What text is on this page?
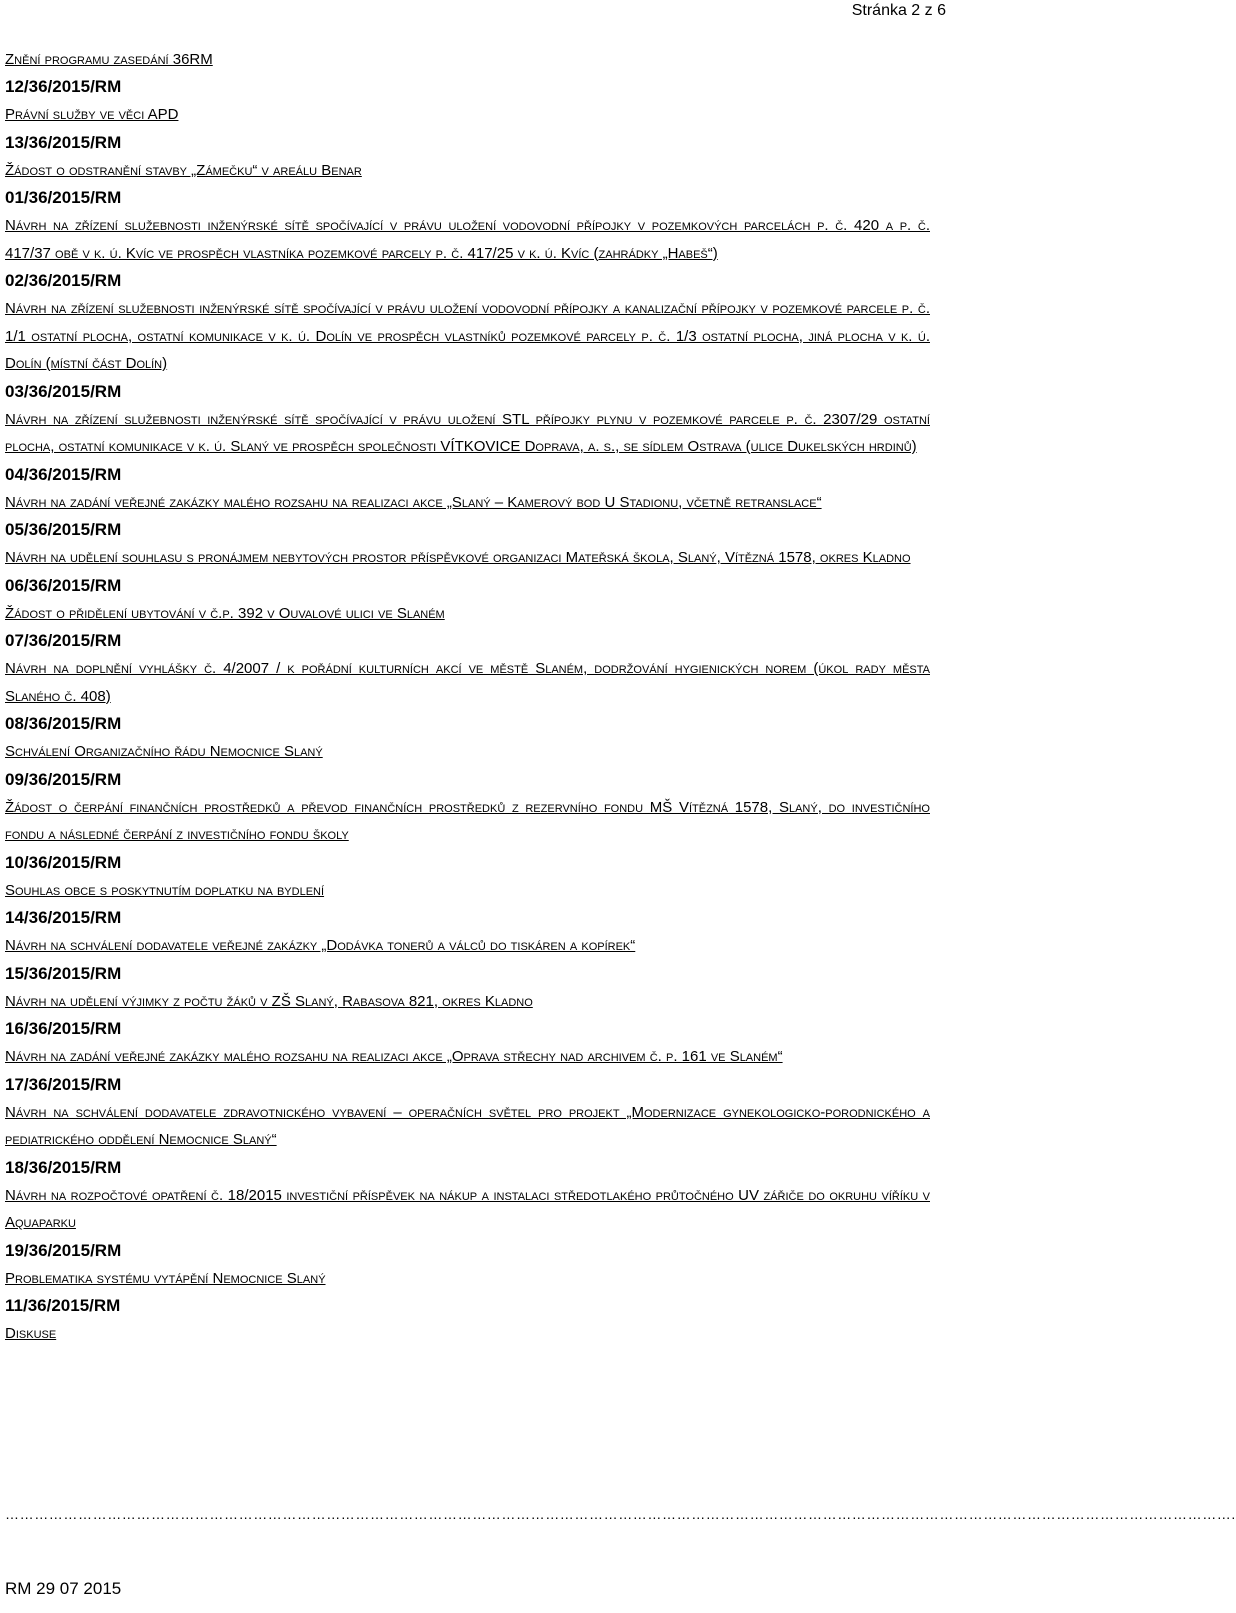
Stránka 2 z 6

Znění programu zasedání 36RM

12/36/2015/RM

Právní služby ve věci APD

13/36/2015/RM

Žádost o odstranění stavby „Zámečku“ v areálu Benar

01/36/2015/RM

Návrh na zřízení služebnosti inženýrské sítě spočívající v právu uložení vodovodní přípojky v pozemkových parcelách p. č. 420 a p. č. 417/37 obě v k. ú. Kvíc ve prospěch vlastníka pozemkové parcely p. č. 417/25 v k. ú. Kvíc (zahrádky „Habeš“)

02/36/2015/RM

Návrh na zřízení služebnosti inženýrské sítě spočívající v právu uložení vodovodní přípojky a kanalizační přípojky v pozemkové parcele p. č. 1/1 ostatní plocha, ostatní komunikace v k. ú. Dolín ve prospěch vlastníků pozemkové parcely p. č. 1/3 ostatní plocha, jiná plocha v k. ú. Dolín (místní část Dolín)

03/36/2015/RM

Návrh na zřízení služebnosti inženýrské sítě spočívající v právu uložení STL přípojky plynu v pozemkové parcele p. č. 2307/29 ostatní plocha, ostatní komunikace v k. ú. Slaný ve prospěch společnosti VÍTKOVICE Doprava, a. s., se sídlem Ostrava (ulice Dukelských hrdinů)

04/36/2015/RM

Návrh na zadání veřejné zakázky malého rozsahu na realizaci akce „Slaný – Kamerový bod U Stadionu, včetně retranslace“

05/36/2015/RM

Návrh na udělení souhlasu s pronájmem nebytových prostor příspěvkové organizaci Mateřská škola, Slaný, Vítězná 1578, okres Kladno

06/36/2015/RM

Žádost o přidělení ubytování v č.p. 392 v Ouvalové ulici ve Slaném

07/36/2015/RM

Návrh na doplnění vyhlášky č. 4/2007 / k pořádní kulturních akcí ve městě Slaném, dodržování hygienických norem (úkol rady města Slaného č. 408)

08/36/2015/RM

Schválení Organizačního řádu Nemocnice Slaný

09/36/2015/RM

Žádost o čerpání finančních prostředků a převod finančních prostředků z rezervního fondu MŠ Vítězná 1578, Slaný, do investičního fondu a následné čerpání z investičního fondu školy

10/36/2015/RM

Souhlas obce s poskytnutím doplatku na bydlení

14/36/2015/RM

Návrh na schválení dodavatele veřejné zakázky „Dodávka tonerů a válců do tiskáren a kopírek“

15/36/2015/RM

Návrh na udělení výjimky z počtu žáků v ZŠ Slaný, Rabasova 821, okres Kladno

16/36/2015/RM

Návrh na zadání veřejné zakázky malého rozsahu na realizaci akce „Oprava střechy nad archivem č. p. 161 ve Slaném“

17/36/2015/RM

Návrh na schválení dodavatele zdravotnického vybavení – operačních světel pro projekt „Modernizace gynekologicko-porodnického a pediatrického oddělení Nemocnice Slaný“

18/36/2015/RM

Návrh na rozpočtové opatření č. 18/2015 investiční příspěvek na nákup a instalaci středotlakého průtočného UV zářiče do okruhu víříku v Aquaparku

19/36/2015/RM

Problematika systému vytápění Nemocnice Slaný

11/36/2015/RM

Diskuse

……………………………………………………………………………………………………………………………………………………………………………………………………………………………….
RM 29 07 2015
